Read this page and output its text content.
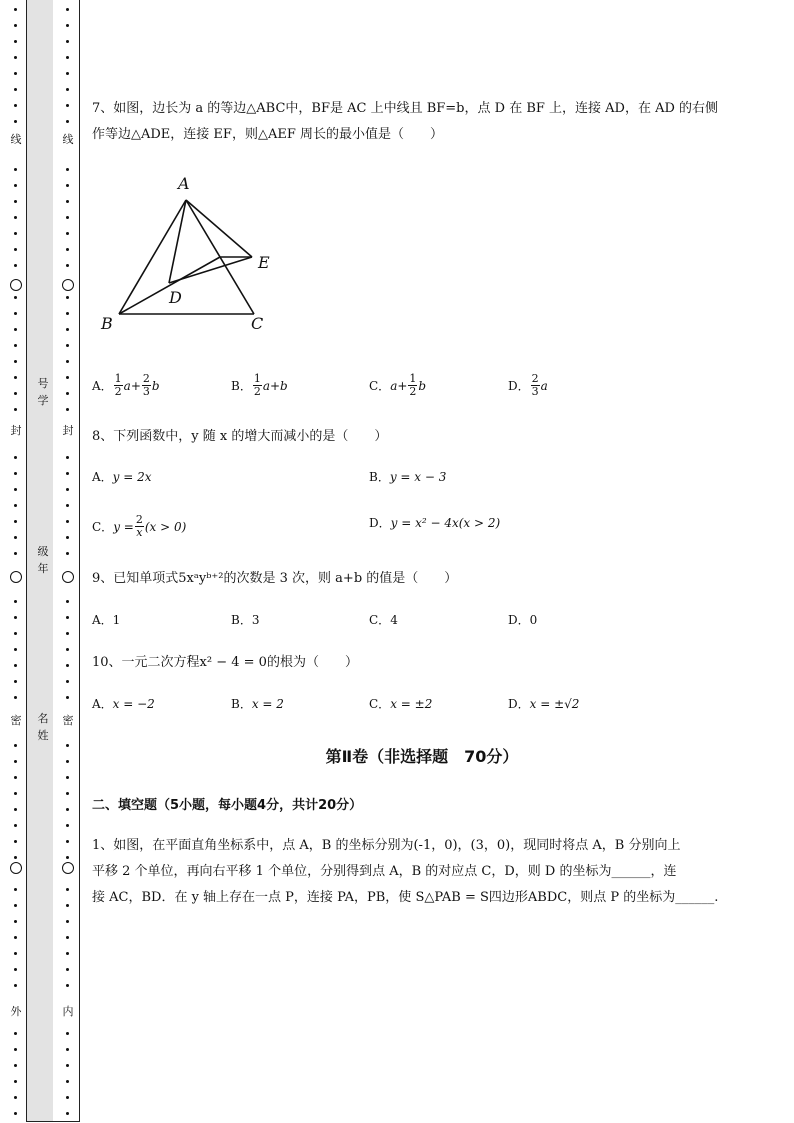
线
封
密
外
线
封
密
内
号
学
级
年
名
姓
7、如图，边长为 a 的等边△ABC中，BF是 AC 上中线且 BF=b，点 D 在 BF 上，连接 AD，在 AD 的右侧
作等边△ADE，连接 EF，则△AEF 周长的最小值是（　　）
A
B	C
D
E
A． $\frac{1}{2} a+ \frac{2}{3}$ b	B． $\frac{1}{2} a+b$	C． $a+ \frac{1}{2}$ b	D． $\frac{2}{3}$ a
8、下列函数中，y 随 x 的增大而减小的是（　　）
A． y = 2x	B． y = x − 3
C． $y = \frac{2}{x} (x > 0)$	D． y = x² − 4x(x > 2)
9、已知单项式5xᵃyᵇ⁺²的次数是 3 次，则 a+b 的值是（　　）
A． 1	B． 3	C． 4	D． 0
10、一元二次方程x² − 4 = 0的根为（　　）
A． x = −2	B． x = 2	C． x = ±2	D． x = ±√2
第Ⅱ卷（非选择题　70分）
二、填空题（5小题，每小题4分，共计20分）
1、如图，在平面直角坐标系中，点 A，B 的坐标分别为(-1，0)，(3，0)，现同时将点 A，B 分别向上
平移 2 个单位，再向右平移 1 个单位，分别得到点 A，B 的对应点 C，D，则 D 的坐标为______，连
接 AC，BD．在 y 轴上存在一点 P，连接 PA，PB，使 S△PAB = S四边形ABDC，则点 P 的坐标为______.
